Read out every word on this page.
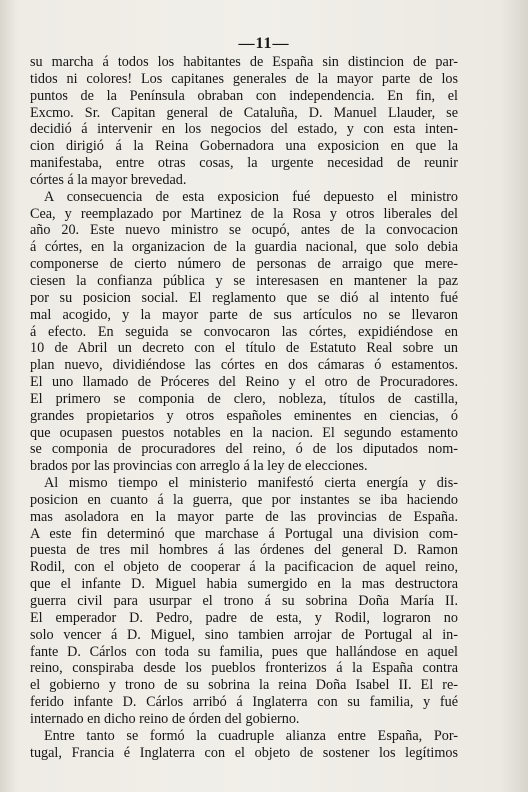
—11—
su marcha á todos los habitantes de España sin distincion de par-
tidos ni colores! Los capitanes generales de la mayor parte de los
puntos de la Península obraban con independencia. En fin, el
Excmo. Sr. Capitan general de Cataluña, D. Manuel Llauder, se
decidió á intervenir en los negocios del estado, y con esta inten-
cion dirigió á la Reina Gobernadora una exposicion en que la
manifestaba, entre otras cosas, la urgente necesidad de reunir
córtes á la mayor brevedad.
A consecuencia de esta exposicion fué depuesto el ministro
Cea, y reemplazado por Martinez de la Rosa y otros liberales del
año 20. Este nuevo ministro se ocupó, antes de la convocacion
á córtes, en la organizacion de la guardia nacional, que solo debia
componerse de cierto número de personas de arraigo que mere-
ciesen la confianza pública y se interesasen en mantener la paz
por su posicion social. El reglamento que se dió al intento fué
mal acogido, y la mayor parte de sus artículos no se llevaron
á efecto. En seguida se convocaron las córtes, expidiéndose en
10 de Abril un decreto con el título de Estatuto Real sobre un
plan nuevo, dividiéndose las córtes en dos cámaras ó estamentos.
El uno llamado de Próceres del Reino y el otro de Procuradores.
El primero se componia de clero, nobleza, títulos de castilla,
grandes propietarios y otros españoles eminentes en ciencias, ó
que ocupasen puestos notables en la nacion. El segundo estamento
se componia de procuradores del reino, ó de los diputados nom-
brados por las provincias con arreglo á la ley de elecciones.
Al mismo tiempo el ministerio manifestó cierta energía y dis-
posicion en cuanto á la guerra, que por instantes se iba haciendo
mas asoladora en la mayor parte de las provincias de España.
A este fin determinó que marchase á Portugal una division com-
puesta de tres mil hombres á las órdenes del general D. Ramon
Rodil, con el objeto de cooperar á la pacificacion de aquel reino,
que el infante D. Miguel habia sumergido en la mas destructora
guerra civil para usurpar el trono á su sobrina Doña María II.
El emperador D. Pedro, padre de esta, y Rodil, lograron no
solo vencer á D. Miguel, sino tambien arrojar de Portugal al in-
fante D. Cárlos con toda su familia, pues que hallándose en aquel
reino, conspiraba desde los pueblos fronterizos á la España contra
el gobierno y trono de su sobrina la reina Doña Isabel II. El re-
ferido infante D. Cárlos arribó á Inglaterra con su familia, y fué
internado en dicho reino de órden del gobierno.
Entre tanto se formó la cuadruple alianza entre España, Por-
tugal, Francia é Inglaterra con el objeto de sostener los legítimos
